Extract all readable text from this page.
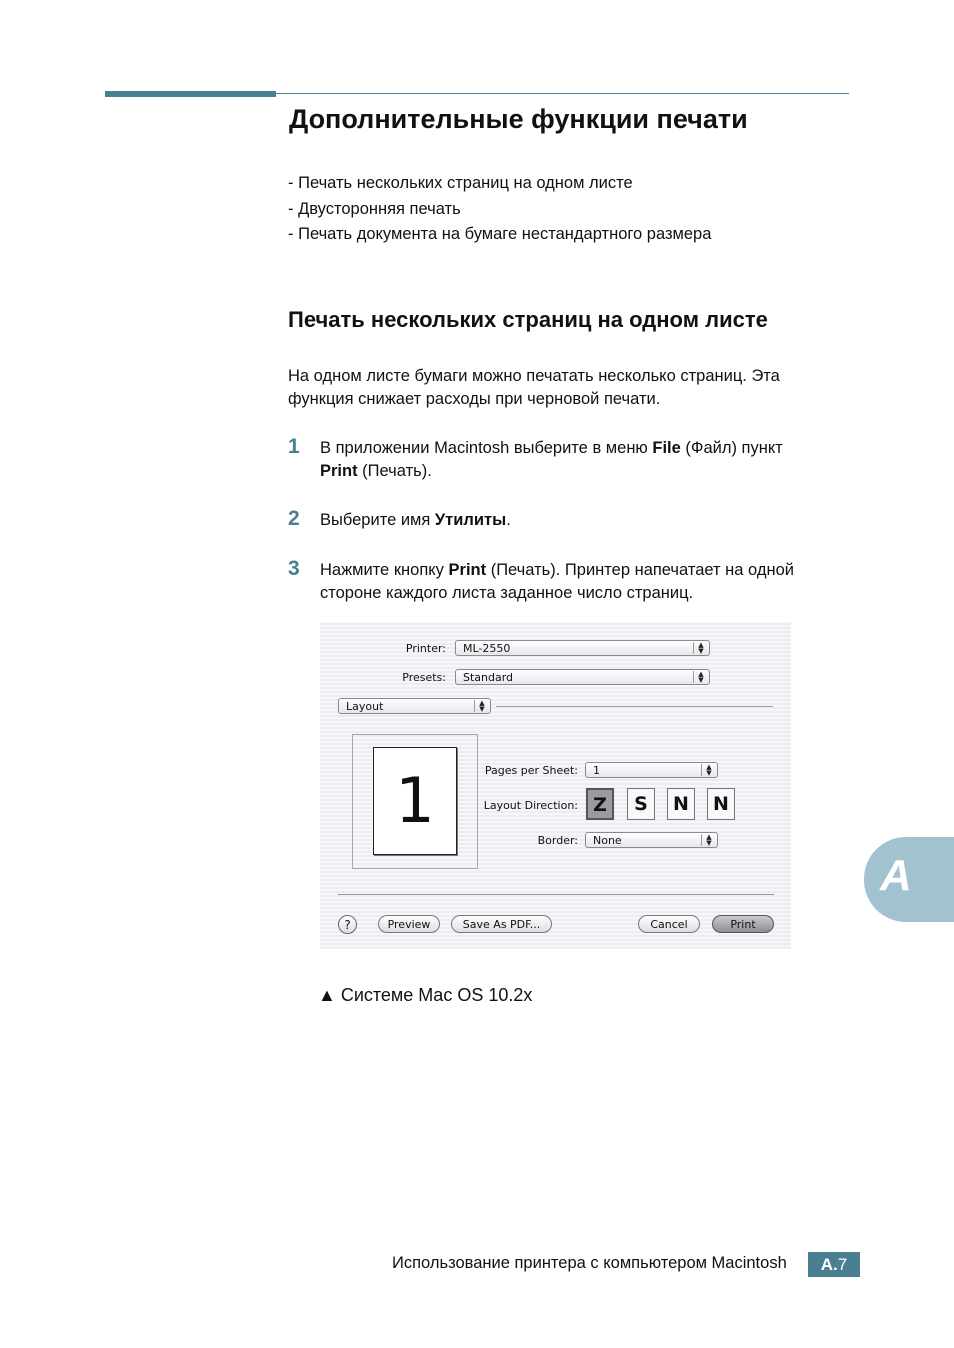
Дополнительные функции печати
- Печать нескольких страниц на одном листе
- Двусторонняя печать
- Печать документа на бумаге нестандартного размера
Печать нескольких страниц на одном листе
На одном листе бумаги можно печатать несколько страниц. Эта
функция снижает расходы при черновой печати.
1 В приложении Macintosh выберите в меню File (Файл) пункт
Print (Печать).
2 Выберите имя Утилиты.
3 Нажмите кнопку Print (Печать). Принтер напечатает на одной
стороне каждого листа заданное число страниц.
Printer:	ML-2550	▲
▼
Presets:	Standard	▲
▼
Layout	▲
▼
1	Pages per Sheet:	1	▲
▼
Layout Direction: Z	S	N	N
Border:	None	▲
▼
?	Preview	Save As PDF...	Cancel	Print
▲ Системе Mac OS 10.2x
A
Использование принтера с компьютером Macintosh	A.7
